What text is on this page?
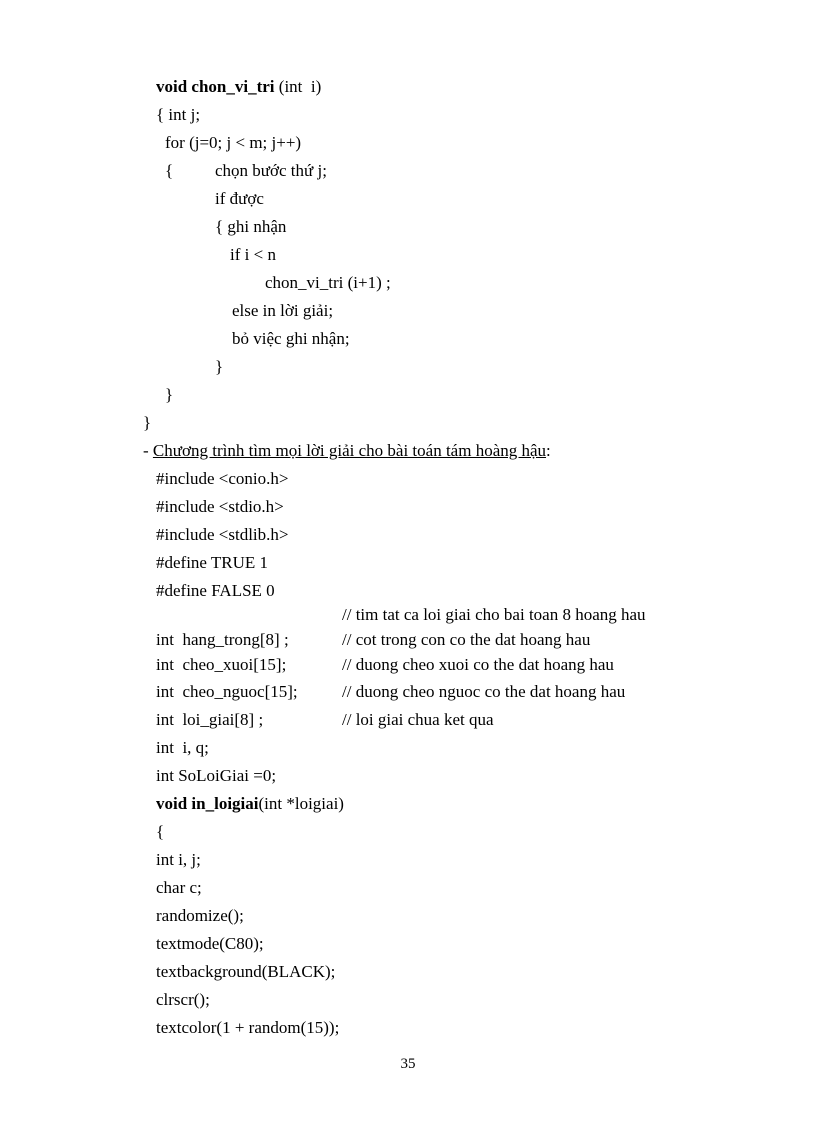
void chon_vi_tri (int  i)
{ int j;
for (j=0; j < m; j++)
{ chọn bước thứ j;
if được
{ ghi nhận
if i < n
chon_vi_tri (i+1) ;
else in lời giải;
bỏ việc ghi nhận;
}
}
}
- Chương trình tìm mọi lời giải cho bài toán tám hoàng hậu:
#include <conio.h>
#include <stdio.h>
#include <stdlib.h>
#define TRUE 1
#define FALSE 0
// tim tat ca loi giai cho bai toan 8 hoang hau
int  hang_trong[8] ;	// cot trong con co the dat hoang hau
int  cheo_xuoi[15];	// duong cheo xuoi co the dat hoang hau
int  cheo_nguoc[15];	// duong cheo nguoc co the dat hoang hau
int  loi_giai[8] ;	// loi giai chua ket qua
int  i, q;
int SoLoiGiai =0;
void in_loigiai(int *loigiai)
{
int i, j;
char c;
randomize();
textmode(C80);
textbackground(BLACK);
clrscr();
textcolor(1 + random(15));
35
